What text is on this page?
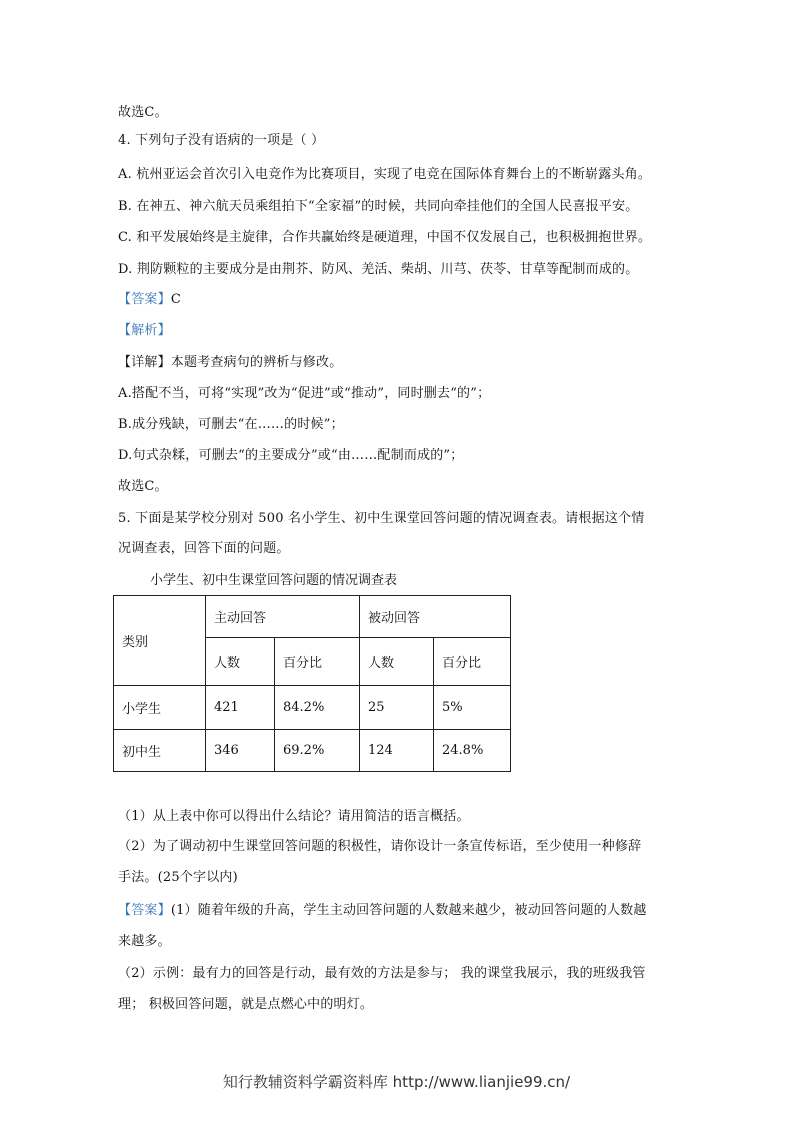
故选C。
4. 下列句子没有语病的一项是（ ）
A. 杭州亚运会首次引入电竞作为比赛项目，实现了电竞在国际体育舞台上的不断崭露头角。
B. 在神五、神六航天员乘组拍下“全家福”的时候，共同向牵挂他们的全国人民喜报平安。
C. 和平发展始终是主旋律，合作共赢始终是硬道理，中国不仅发展自己，也积极拥抱世界。
D. 荆防颗粒的主要成分是由荆芥、防风、羌活、柴胡、川芎、茯苓、甘草等配制而成的。
【答案】C
【解析】
【详解】本题考查病句的辨析与修改。
A.搭配不当，可将“实现”改为“促进”或“推动”，同时删去“的”；
B.成分残缺，可删去“在……的时候”；
D.句式杂糅，可删去“的主要成分”或“由……配制而成的”；
故选C。
5. 下面是某学校分别对 500 名小学生、初中生课堂回答问题的情况调查表。请根据这个情
况调查表，回答下面的问题。
小学生、初中生课堂回答问题的情况调查表
类别	主动回答		被动回答	
	人数	百分比	人数	百分比
小学生	421	84.2%	25	5%
初中生	346	69.2%	124	24.8%
（1）从上表中你可以得出什么结论？请用简洁的语言概括。
（2）为了调动初中生课堂回答问题的积极性，请你设计一条宣传标语，至少使用一种修辞
手法。(25个字以内)
【答案】(1）随着年级的升高，学生主动回答问题的人数越来越少，被动回答问题的人数越
来越多。
（2）示例：最有力的回答是行动，最有效的方法是参与； 我的课堂我展示，我的班级我管
理； 积极回答问题，就是点燃心中的明灯。
知行教辅资料学霸资料库 http://www.lianjie99.cn/
